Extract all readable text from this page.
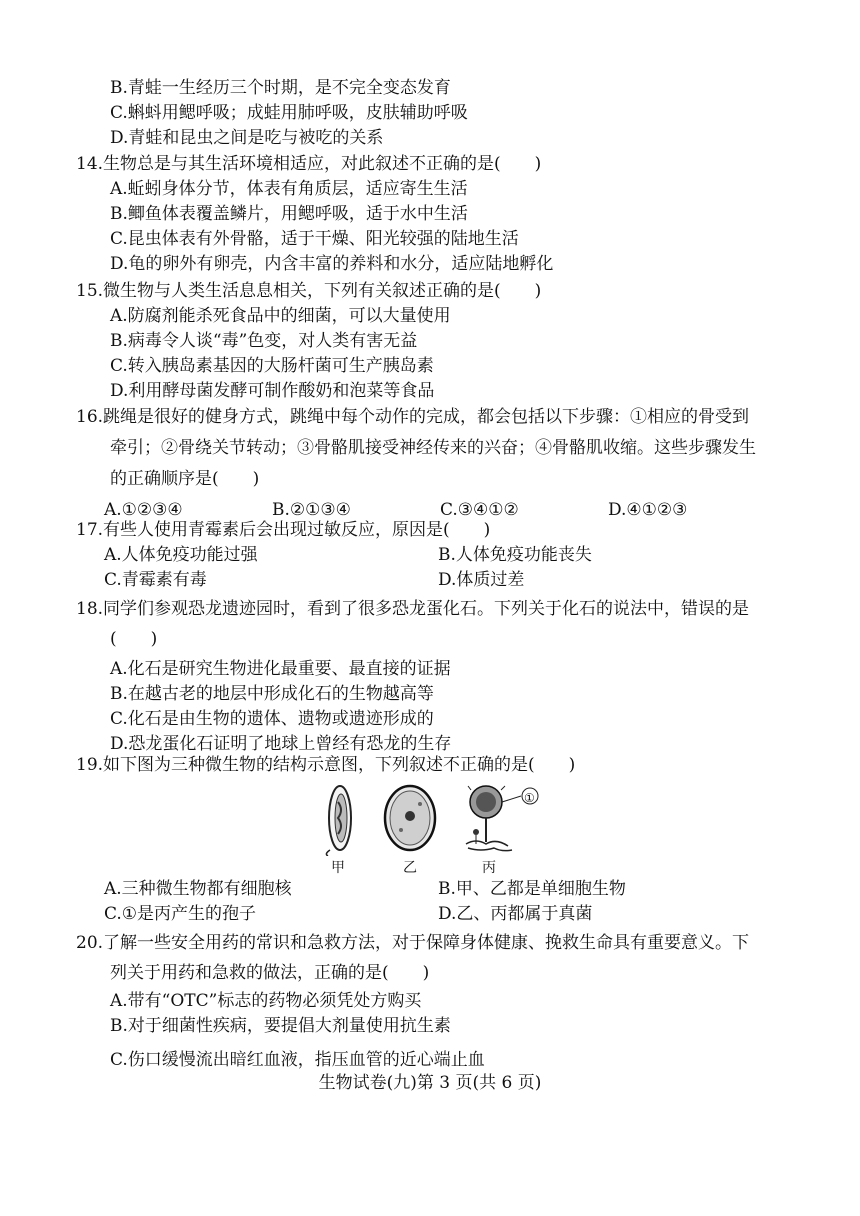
B.青蛙一生经历三个时期，是不完全变态发育
C.蝌蚪用鳃呼吸；成蛙用肺呼吸，皮肤辅助呼吸
D.青蛙和昆虫之间是吃与被吃的关系
14.生物总是与其生活环境相适应，对此叙述不正确的是(　　)
A.蚯蚓身体分节，体表有角质层，适应寄生生活
B.鲫鱼体表覆盖鳞片，用鳃呼吸，适于水中生活
C.昆虫体表有外骨骼，适于干燥、阳光较强的陆地生活
D.龟的卵外有卵壳，内含丰富的养料和水分，适应陆地孵化
15.微生物与人类生活息息相关，下列有关叙述正确的是(　　)
A.防腐剂能杀死食品中的细菌，可以大量使用
B.病毒令人谈“毒”色变，对人类有害无益
C.转入胰岛素基因的大肠杆菌可生产胰岛素
D.利用酵母菌发酵可制作酸奶和泡菜等食品
16.跳绳是很好的健身方式，跳绳中每个动作的完成，都会包括以下步骤：①相应的骨受到
牵引；②骨绕关节转动；③骨骼肌接受神经传来的兴奋；④骨骼肌收缩。这些步骤发生
的正确顺序是(　　)
A.①②③④	B.②①③④	C.③④①②	D.④①②③
17.有些人使用青霉素后会出现过敏反应，原因是(　　)
A.人体免疫功能过强	B.人体免疫功能丧失
C.青霉素有毒	D.体质过差
18.同学们参观恐龙遗迹园时，看到了很多恐龙蛋化石。下列关于化石的说法中，错误的是
(　　)
A.化石是研究生物进化最重要、最直接的证据
B.在越古老的地层中形成化石的生物越高等
C.化石是由生物的遗体、遗物或遗迹形成的
D.恐龙蛋化石证明了地球上曾经有恐龙的生存
19.如下图为三种微生物的结构示意图，下列叙述不正确的是(　　)
甲	乙	丙
①
A.三种微生物都有细胞核	B.甲、乙都是单细胞生物
C.①是丙产生的孢子	D.乙、丙都属于真菌
20.了解一些安全用药的常识和急救方法，对于保障身体健康、挽救生命具有重要意义。下
列关于用药和急救的做法，正确的是(　　)
A.带有“OTC”标志的药物必须凭处方购买
B.对于细菌性疾病，要提倡大剂量使用抗生素
C.伤口缓慢流出暗红血液，指压血管的近心端止血
生物试卷(九)第 3 页(共 6 页)
